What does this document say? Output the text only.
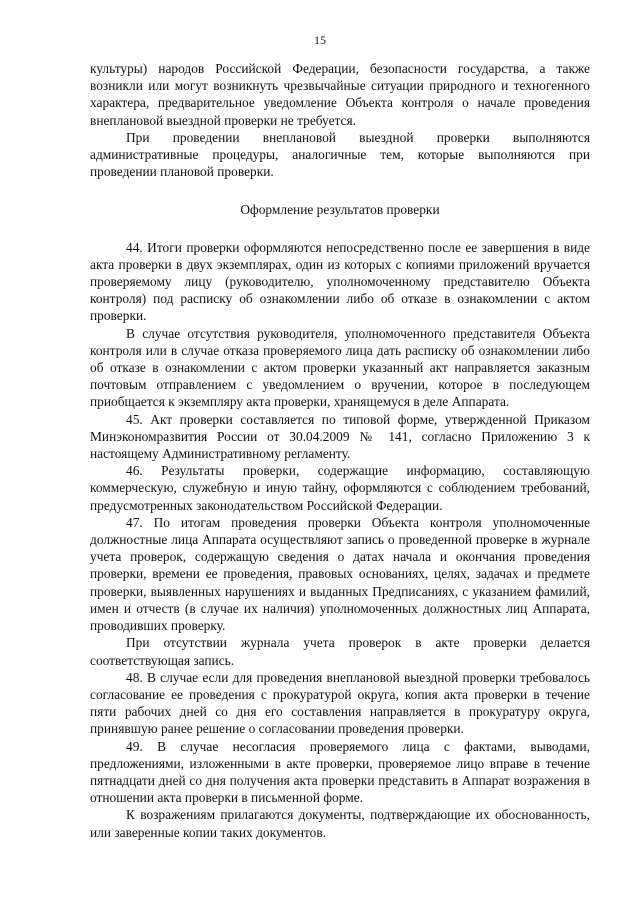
15

культуры) народов Российской Федерации, безопасности государства, а также возникли или могут возникнуть чрезвычайные ситуации природного и техногенного характера, предварительное уведомление Объекта контроля о начале проведения внеплановой выездной проверки не требуется.

При проведении внеплановой выездной проверки выполняются административные процедуры, аналогичные тем, которые выполняются при проведении плановой проверки.

Оформление результатов проверки

44. Итоги проверки оформляются непосредственно после ее завершения в виде акта проверки в двух экземплярах, один из которых с копиями приложений вручается проверяемому лицу (руководителю, уполномоченному представителю Объекта контроля) под расписку об ознакомлении либо об отказе в ознакомлении с актом проверки.

В случае отсутствия руководителя, уполномоченного представителя Объекта контроля или в случае отказа проверяемого лица дать расписку об ознакомлении либо об отказе в ознакомлении с актом проверки указанный акт направляется заказным почтовым отправлением с уведомлением о вручении, которое в последующем приобщается к экземпляру акта проверки, хранящемуся в деле Аппарата.

45. Акт проверки составляется по типовой форме, утвержденной Приказом Минэкономразвития России от 30.04.2009 № 141, согласно Приложению 3 к настоящему Административному регламенту.

46. Результаты проверки, содержащие информацию, составляющую коммерческую, служебную и иную тайну, оформляются с соблюдением требований, предусмотренных законодательством Российской Федерации.

47. По итогам проведения проверки Объекта контроля уполномоченные должностные лица Аппарата осуществляют запись о проведенной проверке в журнале учета проверок, содержащую сведения о датах начала и окончания проведения проверки, времени ее проведения, правовых основаниях, целях, задачах и предмете проверки, выявленных нарушениях и выданных Предписаниях, с указанием фамилий, имен и отчеств (в случае их наличия) уполномоченных должностных лиц Аппарата, проводивших проверку.

При отсутствии журнала учета проверок в акте проверки делается соответствующая запись.

48. В случае если для проведения внеплановой выездной проверки требовалось согласование ее проведения с прокуратурой округа, копия акта проверки в течение пяти рабочих дней со дня его составления направляется в прокуратуру округа, принявшую ранее решение о согласовании проведения проверки.

49. В случае несогласия проверяемого лица с фактами, выводами, предложениями, изложенными в акте проверки, проверяемое лицо вправе в течение пятнадцати дней со дня получения акта проверки представить в Аппарат возражения в отношении акта проверки в письменной форме.

К возражениям прилагаются документы, подтверждающие их обоснованность, или заверенные копии таких документов.
